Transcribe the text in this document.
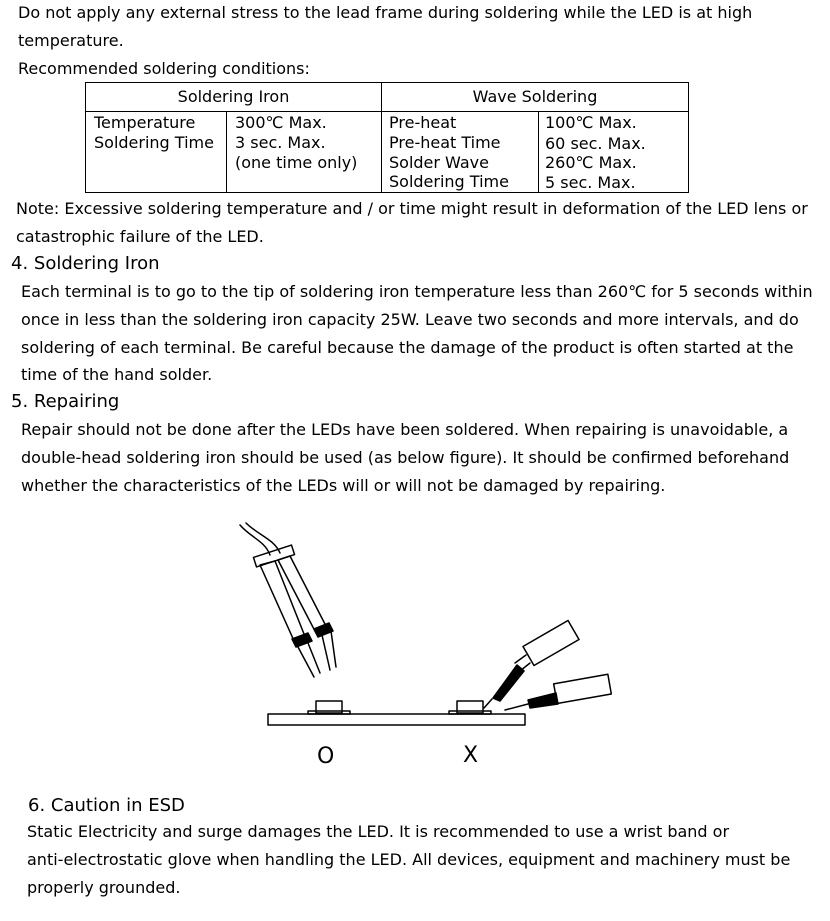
Do not apply any external stress to the lead frame during soldering while the LED is at high
temperature.
Recommended soldering conditions:
Soldering Iron	Wave Soldering
Temperature
Soldering Time
300℃ Max.
3 sec. Max.
(one time only)
Pre-heat
Pre-heat Time
Solder Wave
Soldering Time
100℃ Max.
60 sec. Max.
260℃ Max.
5 sec. Max.
Note: Excessive soldering temperature and / or time might result in deformation of the LED lens or
catastrophic failure of the LED.
4. Soldering Iron
Each terminal is to go to the tip of soldering iron temperature less than 260℃ for 5 seconds within
once in less than the soldering iron capacity 25W. Leave two seconds and more intervals, and do
soldering of each terminal. Be careful because the damage of the product is often started at the
time of the hand solder.
5. Repairing
Repair should not be done after the LEDs have been soldered. When repairing is unavoidable, a
double-head soldering iron should be used (as below figure). It should be confirmed beforehand
whether the characteristics of the LEDs will or will not be damaged by repairing.
O	X
6. Caution in ESD
Static Electricity and surge damages the LED. It is recommended to use a wrist band or
anti-electrostatic glove when handling the LED. All devices, equipment and machinery must be
properly grounded.
